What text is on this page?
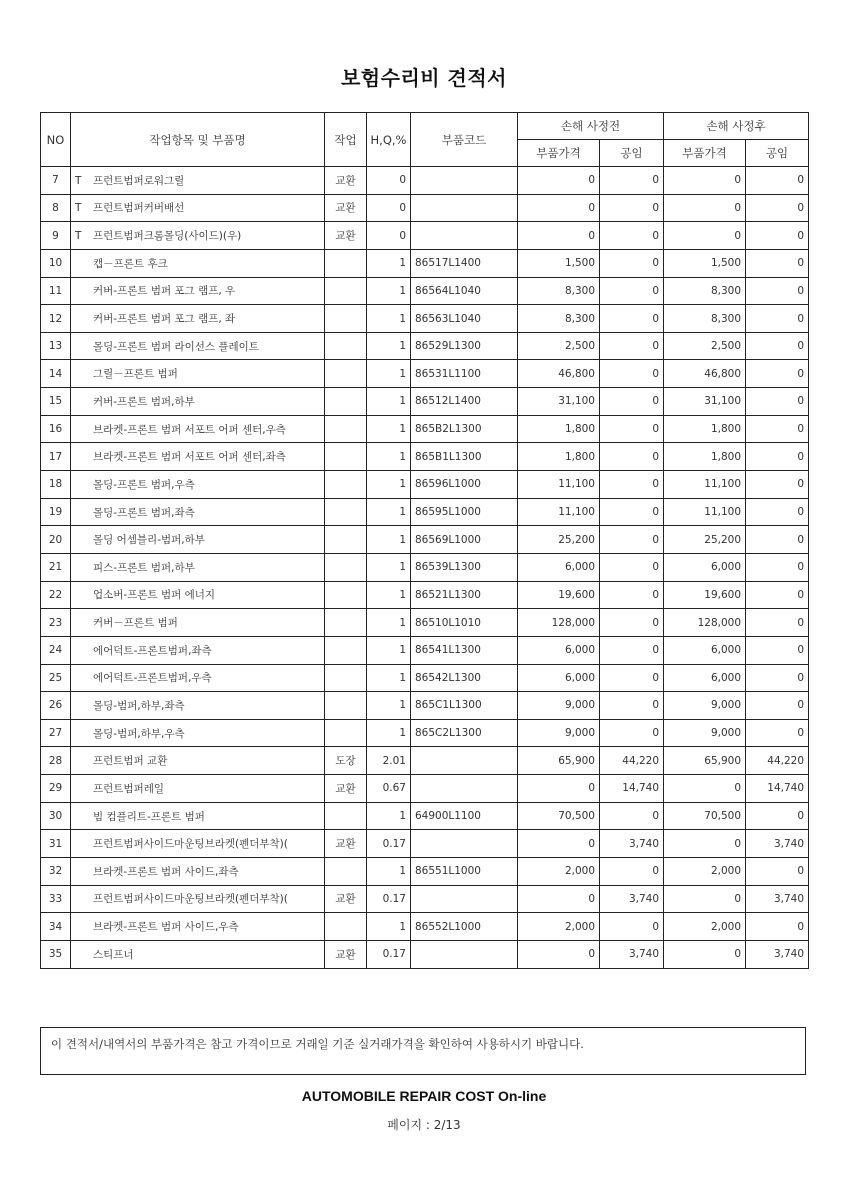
보험수리비 견적서
NO	작업항목 및 부품명	작업	H,Q,%	부품코드	손해 사정전		손해 사정후	
					부품가격	공임	부품가격	공임
7	T 프런트범퍼로워그릴	교환	0		0	0	0	0
8	T 프런트범퍼커버배선	교환	0		0	0	0	0
9	T 프런트범퍼크롬몰딩(사이드)(우)	교환	0		0	0	0	0
10	캡－프론트 후크		1	86517L1400	1,500	0	1,500	0
11	커버-프론트 범퍼 포그 램프, 우		1	86564L1040	8,300	0	8,300	0
12	커버-프론트 범퍼 포그 램프, 좌		1	86563L1040	8,300	0	8,300	0
13	몰딩-프론트 범퍼 라이선스 플레이트		1	86529L1300	2,500	0	2,500	0
14	그릴－프론트 범퍼		1	86531L1100	46,800	0	46,800	0
15	커버-프론트 범퍼,하부		1	86512L1400	31,100	0	31,100	0
16	브라켓-프론트 범퍼 서포트 어퍼 센터,우측		1	865B2L1300	1,800	0	1,800	0
17	브라켓-프론트 범퍼 서포트 어퍼 센터,좌측		1	865B1L1300	1,800	0	1,800	0
18	몰딩-프론트 범퍼,우측		1	86596L1000	11,100	0	11,100	0
19	몰딩-프론트 범퍼,좌측		1	86595L1000	11,100	0	11,100	0
20	몰딩 어셈블리-범퍼,하부		1	86569L1000	25,200	0	25,200	0
21	피스-프론트 범퍼,하부		1	86539L1300	6,000	0	6,000	0
22	업소버-프론트 범퍼 에너지		1	86521L1300	19,600	0	19,600	0
23	커버－프론트 범퍼		1	86510L1010	128,000	0	128,000	0
24	에어덕트-프론트범퍼,좌측		1	86541L1300	6,000	0	6,000	0
25	에어덕트-프론트범퍼,우측		1	86542L1300	6,000	0	6,000	0
26	몰딩-범퍼,하부,좌측		1	865C1L1300	9,000	0	9,000	0
27	몰딩-범퍼,하부,우측		1	865C2L1300	9,000	0	9,000	0
28	프런트범퍼 교환	도장	2.01		65,900	44,220	65,900	44,220
29	프런트범퍼레일	교환	0.67		0	14,740	0	14,740
30	빔 컴플리트-프론트 범퍼		1	64900L1100	70,500	0	70,500	0
31	프런트범퍼사이드마운팅브라켓(펜더부착)(	교환	0.17		0	3,740	0	3,740
32	브라켓-프론트 범퍼 사이드,좌측		1	86551L1000	2,000	0	2,000	0
33	프런트범퍼사이드마운팅브라켓(펜더부착)(	교환	0.17		0	3,740	0	3,740
34	브라켓-프론트 범퍼 사이드,우측		1	86552L1000	2,000	0	2,000	0
35	스티프너	교환	0.17		0	3,740	0	3,740
이 견적서/내역서의 부품가격은 참고 가격이므로 거래일 기준 실거래가격을 확인하여 사용하시기 바랍니다.
AUTOMOBILE REPAIR COST On-line
페이지 : 2/13
